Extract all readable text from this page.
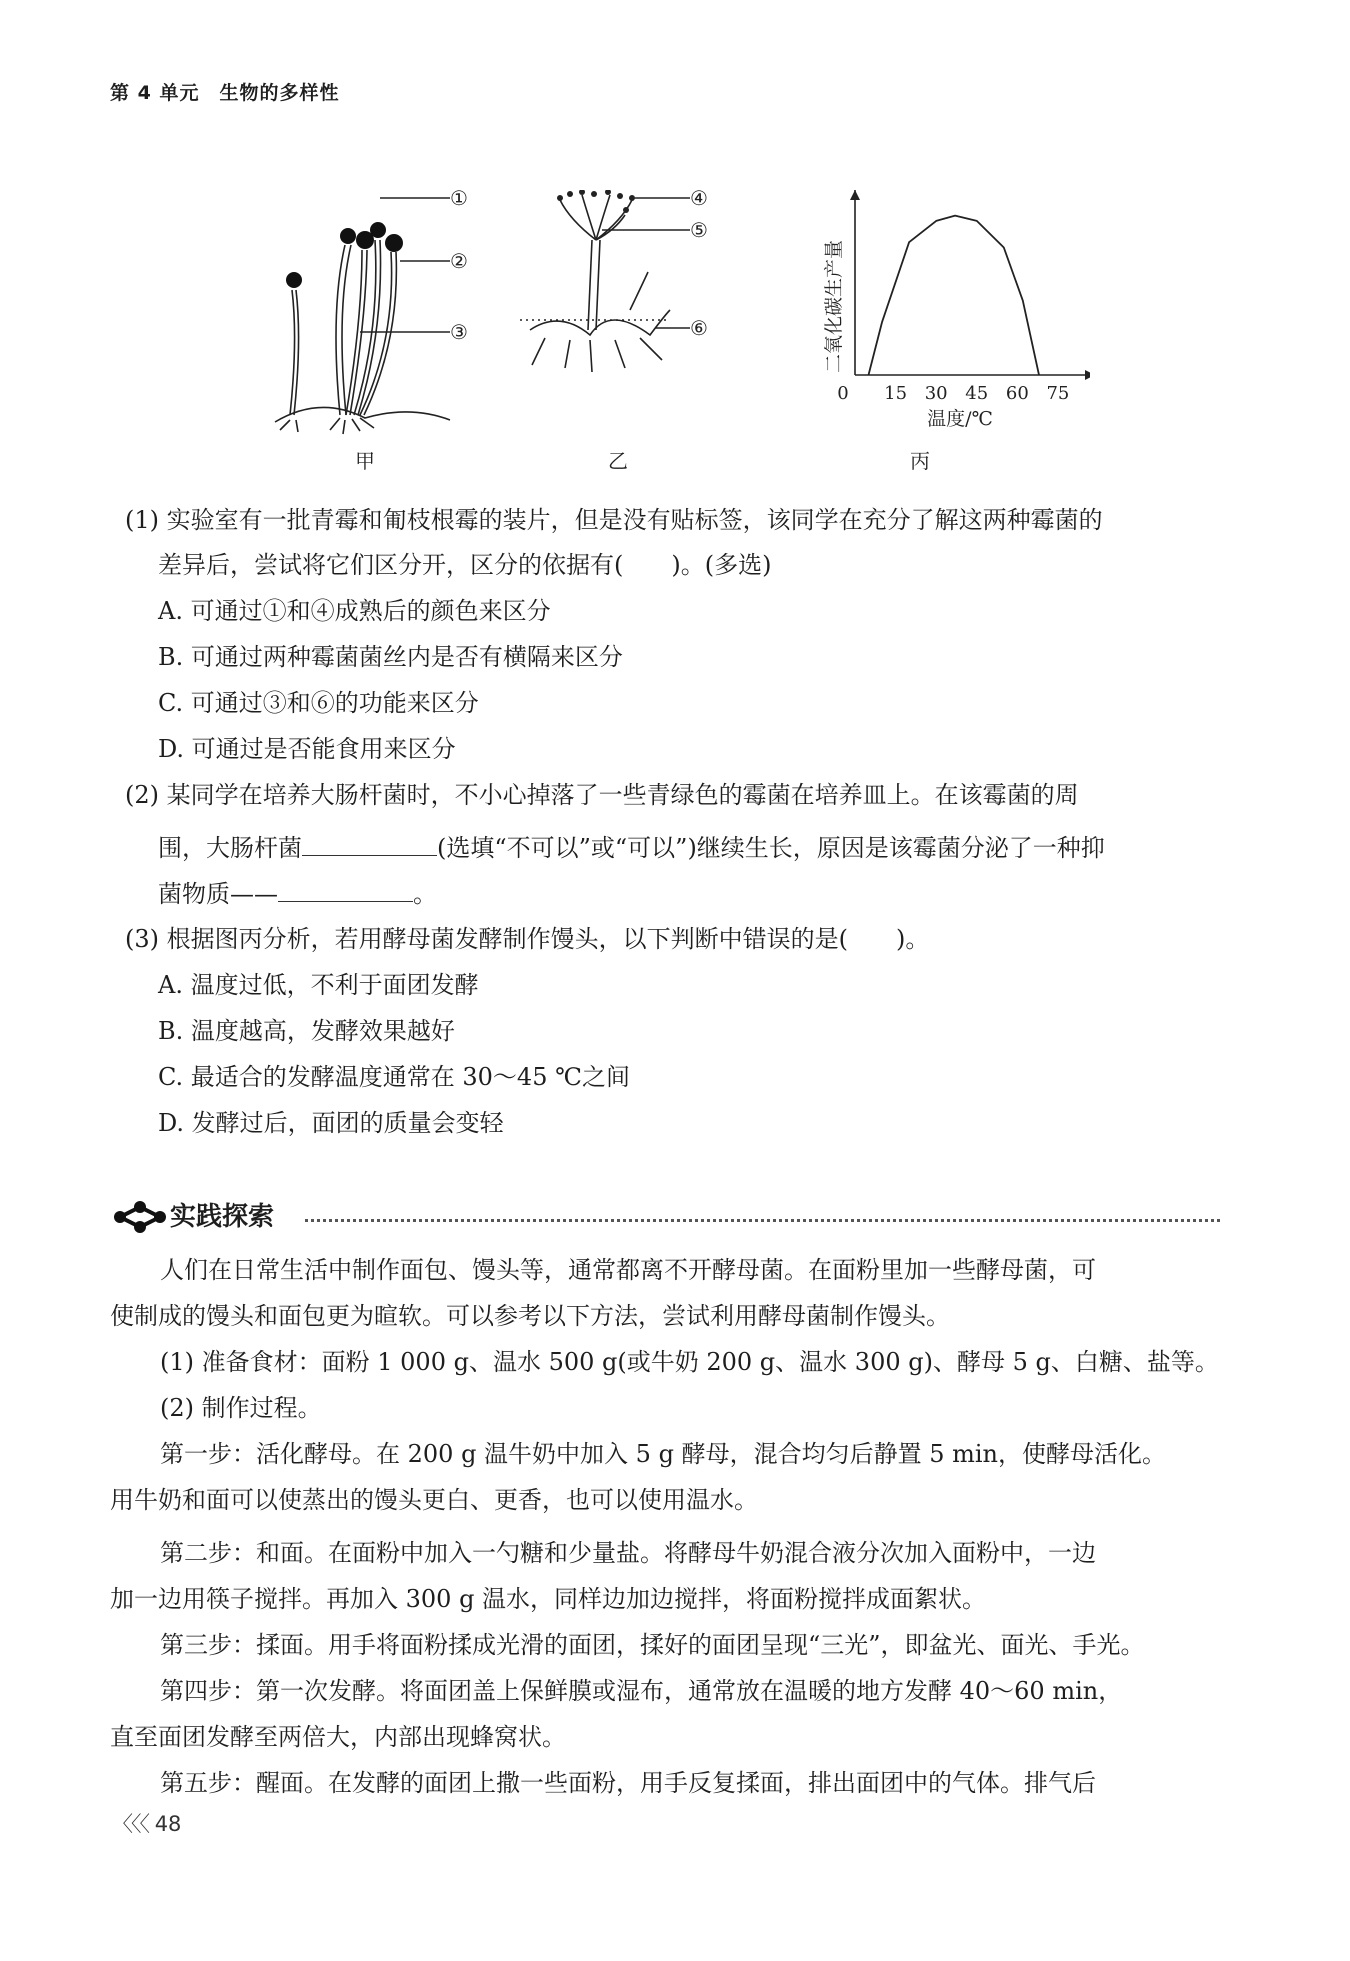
第 4 单元　生物的多样性
①
②
③
④
⑤
⑥
0 15 30 45 60 75
温度/℃
二氧化碳生产量
甲	乙	丙
(1) 实验室有一批青霉和匍枝根霉的装片，但是没有贴标签，该同学在充分了解这两种霉菌的
差异后，尝试将它们区分开，区分的依据有(　　)。(多选)
A. 可通过①和④成熟后的颜色来区分
B. 可通过两种霉菌菌丝内是否有横隔来区分
C. 可通过③和⑥的功能来区分
D. 可通过是否能食用来区分
(2) 某同学在培养大肠杆菌时，不小心掉落了一些青绿色的霉菌在培养皿上。在该霉菌的周
围，大肠杆菌	(选填“不可以”或“可以”)继续生长，原因是该霉菌分泌了一种抑
菌物质——	。
(3) 根据图丙分析，若用酵母菌发酵制作馒头，以下判断中错误的是(　　)。
A. 温度过低，不利于面团发酵
B. 温度越高，发酵效果越好
C. 最适合的发酵温度通常在 30～45 ℃之间
D. 发酵过后，面团的质量会变轻
实践探索
人们在日常生活中制作面包、馒头等，通常都离不开酵母菌。在面粉里加一些酵母菌，可
使制成的馒头和面包更为暄软。可以参考以下方法，尝试利用酵母菌制作馒头。
(1) 准备食材：面粉 1 000 g、温水 500 g(或牛奶 200 g、温水 300 g)、酵母 5 g、白糖、盐等。
(2) 制作过程。
第一步：活化酵母。在 200 g 温牛奶中加入 5 g 酵母，混合均匀后静置 5 min，使酵母活化。
用牛奶和面可以使蒸出的馒头更白、更香，也可以使用温水。
第二步：和面。在面粉中加入一勺糖和少量盐。将酵母牛奶混合液分次加入面粉中，一边
加一边用筷子搅拌。再加入 300 g 温水，同样边加边搅拌，将面粉搅拌成面絮状。
第三步：揉面。用手将面粉揉成光滑的面团，揉好的面团呈现“三光”，即盆光、面光、手光。
第四步：第一次发酵。将面团盖上保鲜膜或湿布，通常放在温暖的地方发酵 40～60 min，
直至面团发酵至两倍大，内部出现蜂窝状。
第五步：醒面。在发酵的面团上撒一些面粉，用手反复揉面，排出面团中的气体。排气后
〈〈〈 48
